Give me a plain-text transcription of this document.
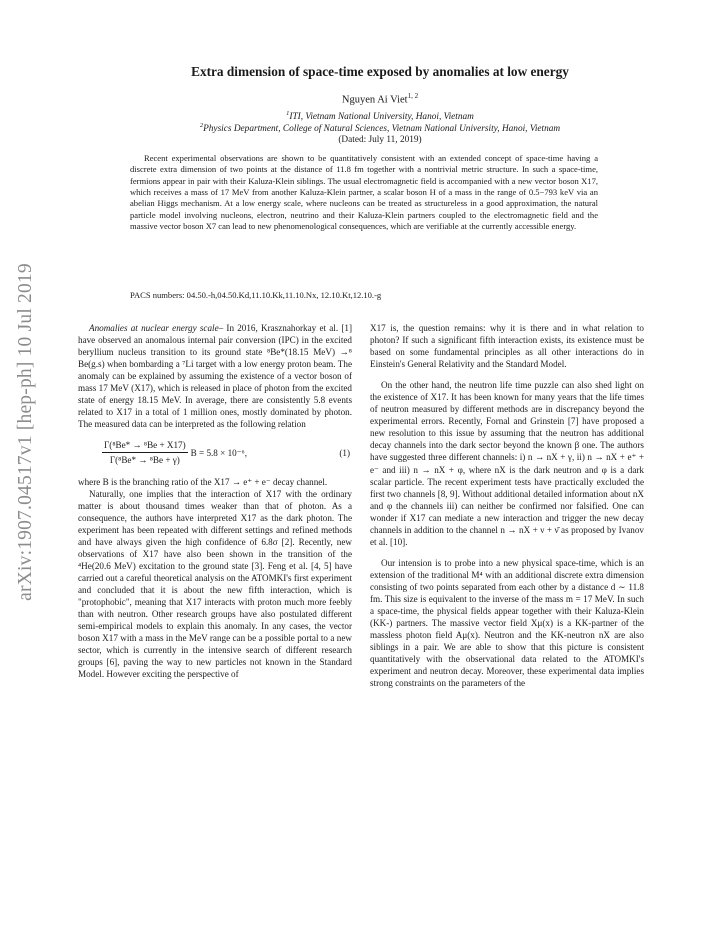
arXiv:1907.04517v1 [hep-ph] 10 Jul 2019
Extra dimension of space-time exposed by anomalies at low energy
Nguyen Ai Viet$^{1, 2}$
$^1$ITI, Vietnam National University, Hanoi, Vietnam
$^2$Physics Department, College of Natural Sciences, Vietnam National University, Hanoi, Vietnam
(Dated: July 11, 2019)

Recent experimental observations are shown to be quantitatively consistent with an extended concept of space-time having a discrete extra dimension of two points at the distance of 11.8 fm together with a nontrivial metric structure. In such a space-time, fermions appear in pair with their Kaluza-Klein siblings. The usual electromagnetic field is accompanied with a new vector boson X17, which receives a mass of 17 MeV from another Kaluza-Klein partner, a scalar boson H of a mass in the range of 0.5−793 keV via an abelian Higgs mechanism. At a low energy scale, where nucleons can be treated as structureless in a good approximation, the natural particle model involving nucleons, electron, neutrino and their Kaluza-Klein partners coupled to the electromagnetic field and the massive vector boson X7 can lead to new phenomenological consequences, which are verifiable at the currently accessible energy.

PACS numbers: 04.50.-h,04.50.Kd,11.10.Kk,11.10.Nx, 12.10.Kt,12.10.-g

Anomalies at nuclear energy scale– In 2016, Krasznahorkay et al. [1] have observed an anomalous internal pair conversion (IPC) in the excited beryllium nucleus transition to its ground state ⁸Be*(18.15 MeV) →⁸ Be(g.s) when bombarding a ⁷Li target with a low energy proton beam. The anomaly can be explained by assuming the existence of a vector boson of mass 17 MeV (X17), which is released in place of photon from the excited state of energy 18.15 MeV. In average, there are consistently 5.8 events related to X17 in a total of 1 million ones, mostly dominated by photon. The measured data can be interpreted as the following relation

$\frac{\text{Γ(⁸Be* → ⁸Be + X17)}}{\text{Γ(⁸Be* → ⁸Be + γ)}}$ B = 5.8 × 10⁻⁶,	(1)

where B is the branching ratio of the X17 → e⁺ + e⁻ decay channel.

Naturally, one implies that the interaction of X17 with the ordinary matter is about thousand times weaker than that of photon. As a consequence, the authors have interpreted X17 as the dark photon. The experiment has been repeated with different settings and refined methods and have always given the high confidence of 6.8σ [2]. Recently, new observations of X17 have also been shown in the transition of the ⁴He(20.6 MeV) excitation to the ground state [3]. Feng et al. [4, 5] have carried out a careful theoretical analysis on the ATOMKI's first experiment and concluded that it is about the new fifth interaction, which is "protophobic", meaning that X17 interacts with proton much more feebly than with neutron. Other research groups have also postulated different semi-empirical models to explain this anomaly. In any cases, the vector boson X17 with a mass in the MeV range can be a possible portal to a new sector, which is currently in the intensive search of different research groups [6], paving the way to new particles not known in the Standard Model. However exciting the perspective of

X17 is, the question remains: why it is there and in what relation to photon? If such a significant fifth interaction exists, its existence must be based on some fundamental principles as all other interactions do in Einstein's General Relativity and the Standard Model.

On the other hand, the neutron life time puzzle can also shed light on the existence of X17. It has been known for many years that the life times of neutron measured by different methods are in discrepancy beyond the experimental errors. Recently, Fornal and Grinstein [7] have proposed a new resolution to this issue by assuming that the neutron has additional decay channels into the dark sector beyond the known β one. The authors have suggested three different channels: i) n → nX + γ, ii) n → nX + e⁺ + e⁻ and iii) n → nX + φ, where nX is the dark neutron and φ is a dark scalar particle. The recent experiment tests have practically excluded the first two channels [8, 9]. Without additional detailed information about nX and φ the channels iii) can neither be confirmed nor falsified. One can wonder if X17 can mediate a new interaction and trigger the new decay channels in addition to the channel n → nX + ν + ν̄ as proposed by Ivanov et al. [10].

Our intension is to probe into a new physical space-time, which is an extension of the traditional M⁴ with an additional discrete extra dimension consisting of two points separated from each other by a distance d ∼ 11.8 fm. This size is equivalent to the inverse of the mass m = 17 MeV. In such a space-time, the physical fields appear together with their Kaluza-Klein (KK-) partners. The massive vector field Xμ(x) is a KK-partner of the massless photon field Aμ(x). Neutron and the KK-neutron nX are also siblings in a pair. We are able to show that this picture is consistent quantitatively with the observational data related to the ATOMKI's experiment and neutron decay. Moreover, these experimental data implies strong constraints on the parameters of the
